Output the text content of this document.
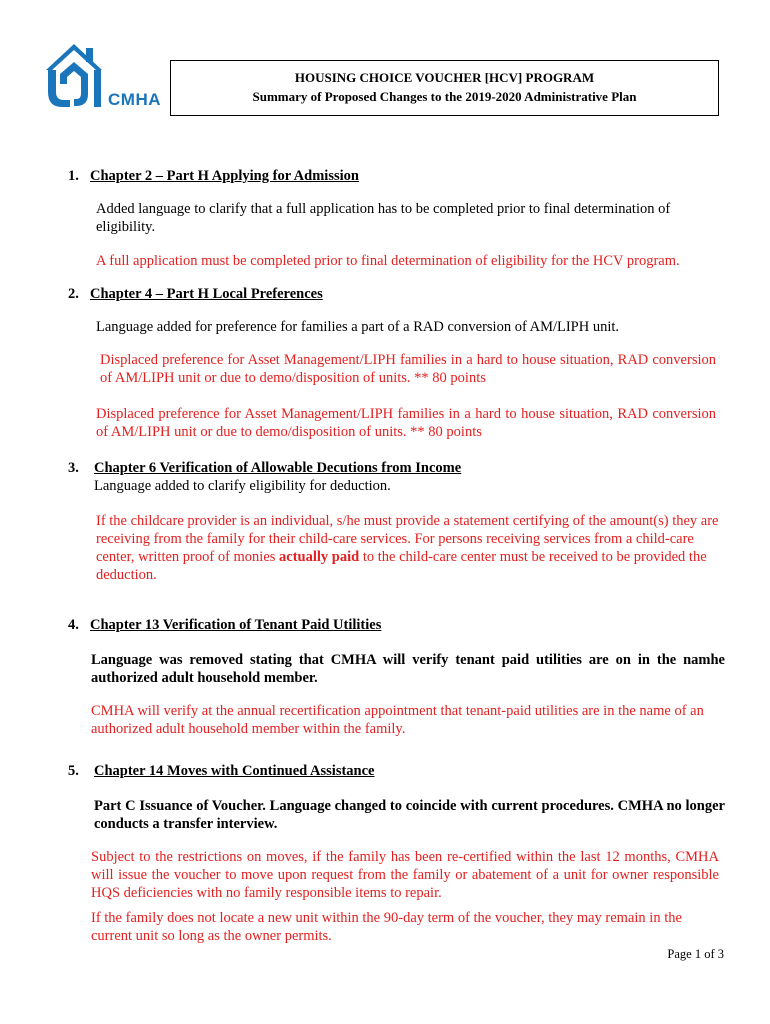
CMHA
HOUSING CHOICE VOUCHER [HCV] PROGRAM
Summary of Proposed Changes to the 2019-2020 Administrative Plan
1. Chapter 2 – Part H Applying for Admission
Added language to clarify that a full application has to be completed prior to final determination of eligibility.
A full application must be completed prior to final determination of eligibility for the HCV program.
2. Chapter 4 – Part H Local Preferences
Language added for preference for families a part of a RAD conversion of AM/LIPH unit.
Displaced preference for Asset Management/LIPH families in a hard to house situation, RAD conversion of AM/LIPH unit or due to demo/disposition of units. ** 80 points
Displaced preference for Asset Management/LIPH families in a hard to house situation, RAD conversion of AM/LIPH unit or due to demo/disposition of units. ** 80 points
3. Chapter 6 Verification of Allowable Decutions from Income
Language added to clarify eligibility for deduction.
If the childcare provider is an individual, s/he must provide a statement certifying of the amount(s) they are receiving from the family for their child-care services. For persons receiving services from a child-care center, written proof of monies actually paid to the child-care center must be received to be provided the deduction.
4. Chapter 13 Verification of Tenant Paid Utilities
Language was removed stating that CMHA will verify tenant paid utilities are on in the namhe authorized adult household member.
CMHA will verify at the annual recertification appointment that tenant-paid utilities are in the name of an authorized adult household member within the family.
5. Chapter 14 Moves with Continued Assistance
Part C Issuance of Voucher. Language changed to coincide with current procedures. CMHA no longer conducts a transfer interview.
Subject to the restrictions on moves, if the family has been re-certified within the last 12 months, CMHA will issue the voucher to move upon request from the family or abatement of a unit for owner responsible HQS deficiencies with no family responsible items to repair.
If the family does not locate a new unit within the 90-day term of the voucher, they may remain in the current unit so long as the owner permits.
Page 1 of 3
